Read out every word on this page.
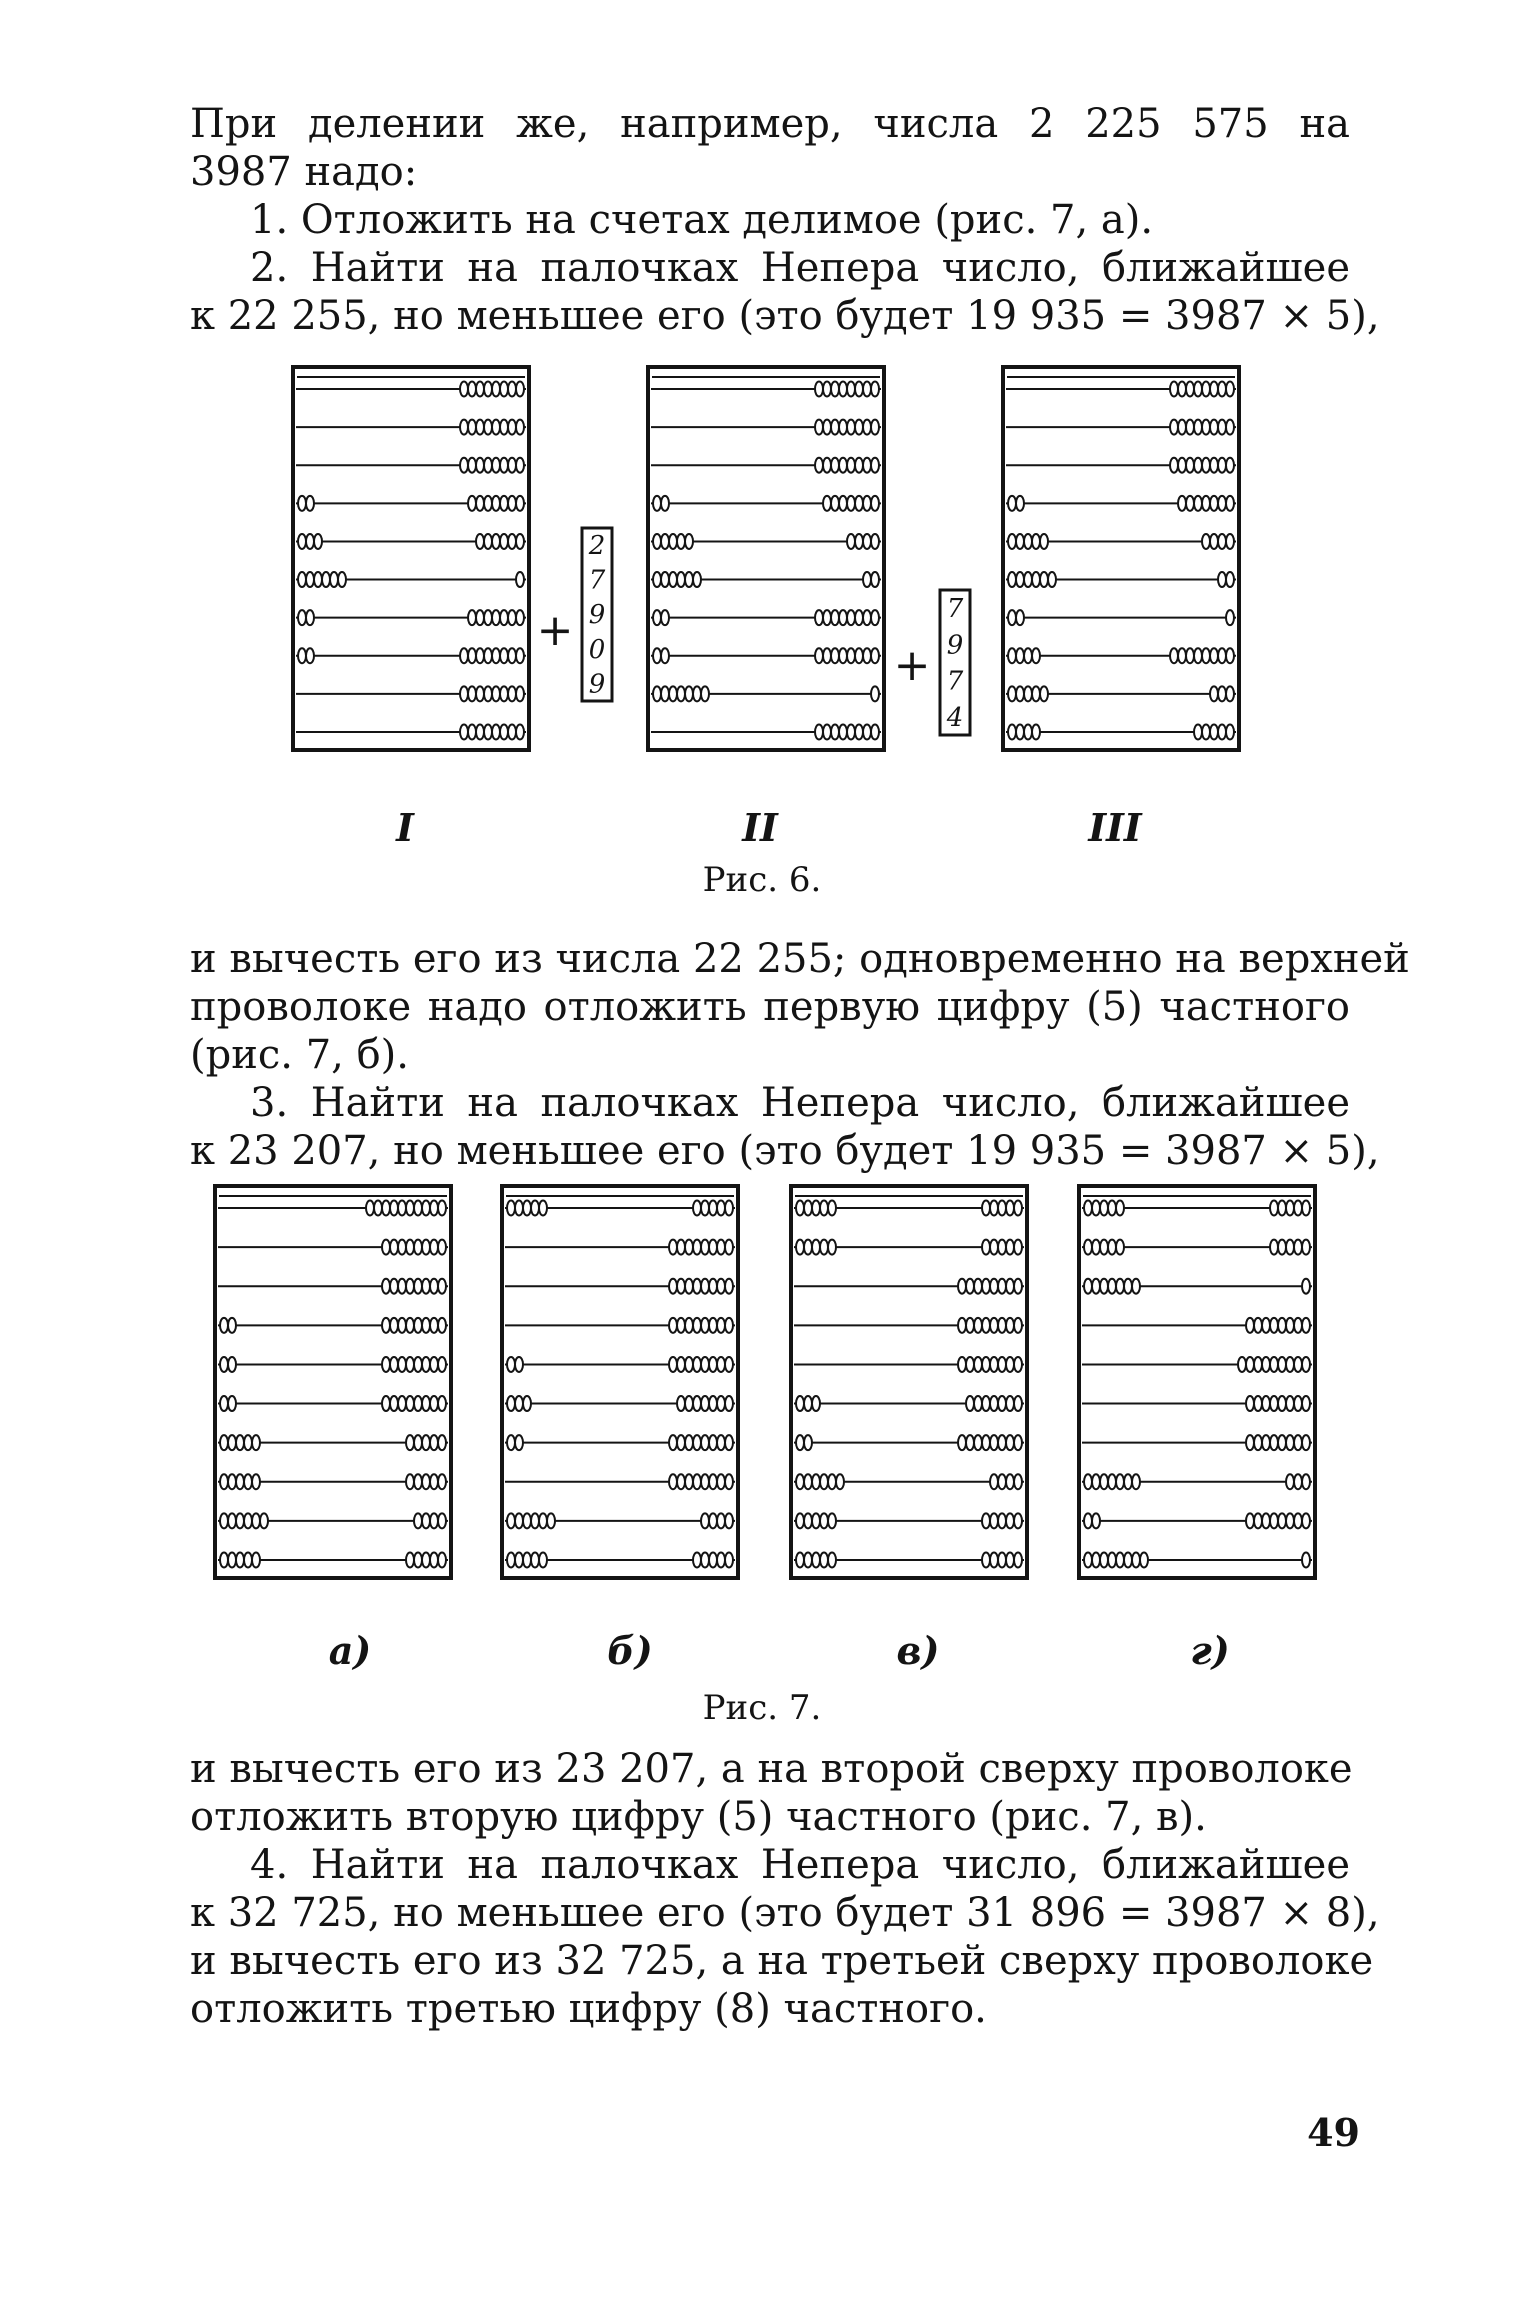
При делении же, например, числа 2 225 575 на
3987 надо:
1. Отложить на счетах делимое (рис. 7, а).
2. Найти на палочках Непера число, ближайшее
к 22 255, но меньшее его (это будет 19 935 = 3987 × 5),
2
7
9
0
9
7
9
7
4
+
+
I	II	III
Рис. 6.
и вычесть его из числа 22 255; одновременно на верхней
проволоке надо отложить первую цифру (5) частного
(рис. 7, б).
3. Найти на палочках Непера число, ближайшее
к 23 207, но меньшее его (это будет 19 935 = 3987 × 5),
а)	б)	в)	г)
Рис. 7.
и вычесть его из 23 207, а на второй сверху проволоке
отложить вторую цифру (5) частного (рис. 7, в).
4. Найти на палочках Непера число, ближайшее
к 32 725, но меньшее его (это будет 31 896 = 3987 × 8),
и вычесть его из 32 725, а на третьей сверху проволоке
отложить третью цифру (8) частного.
49
